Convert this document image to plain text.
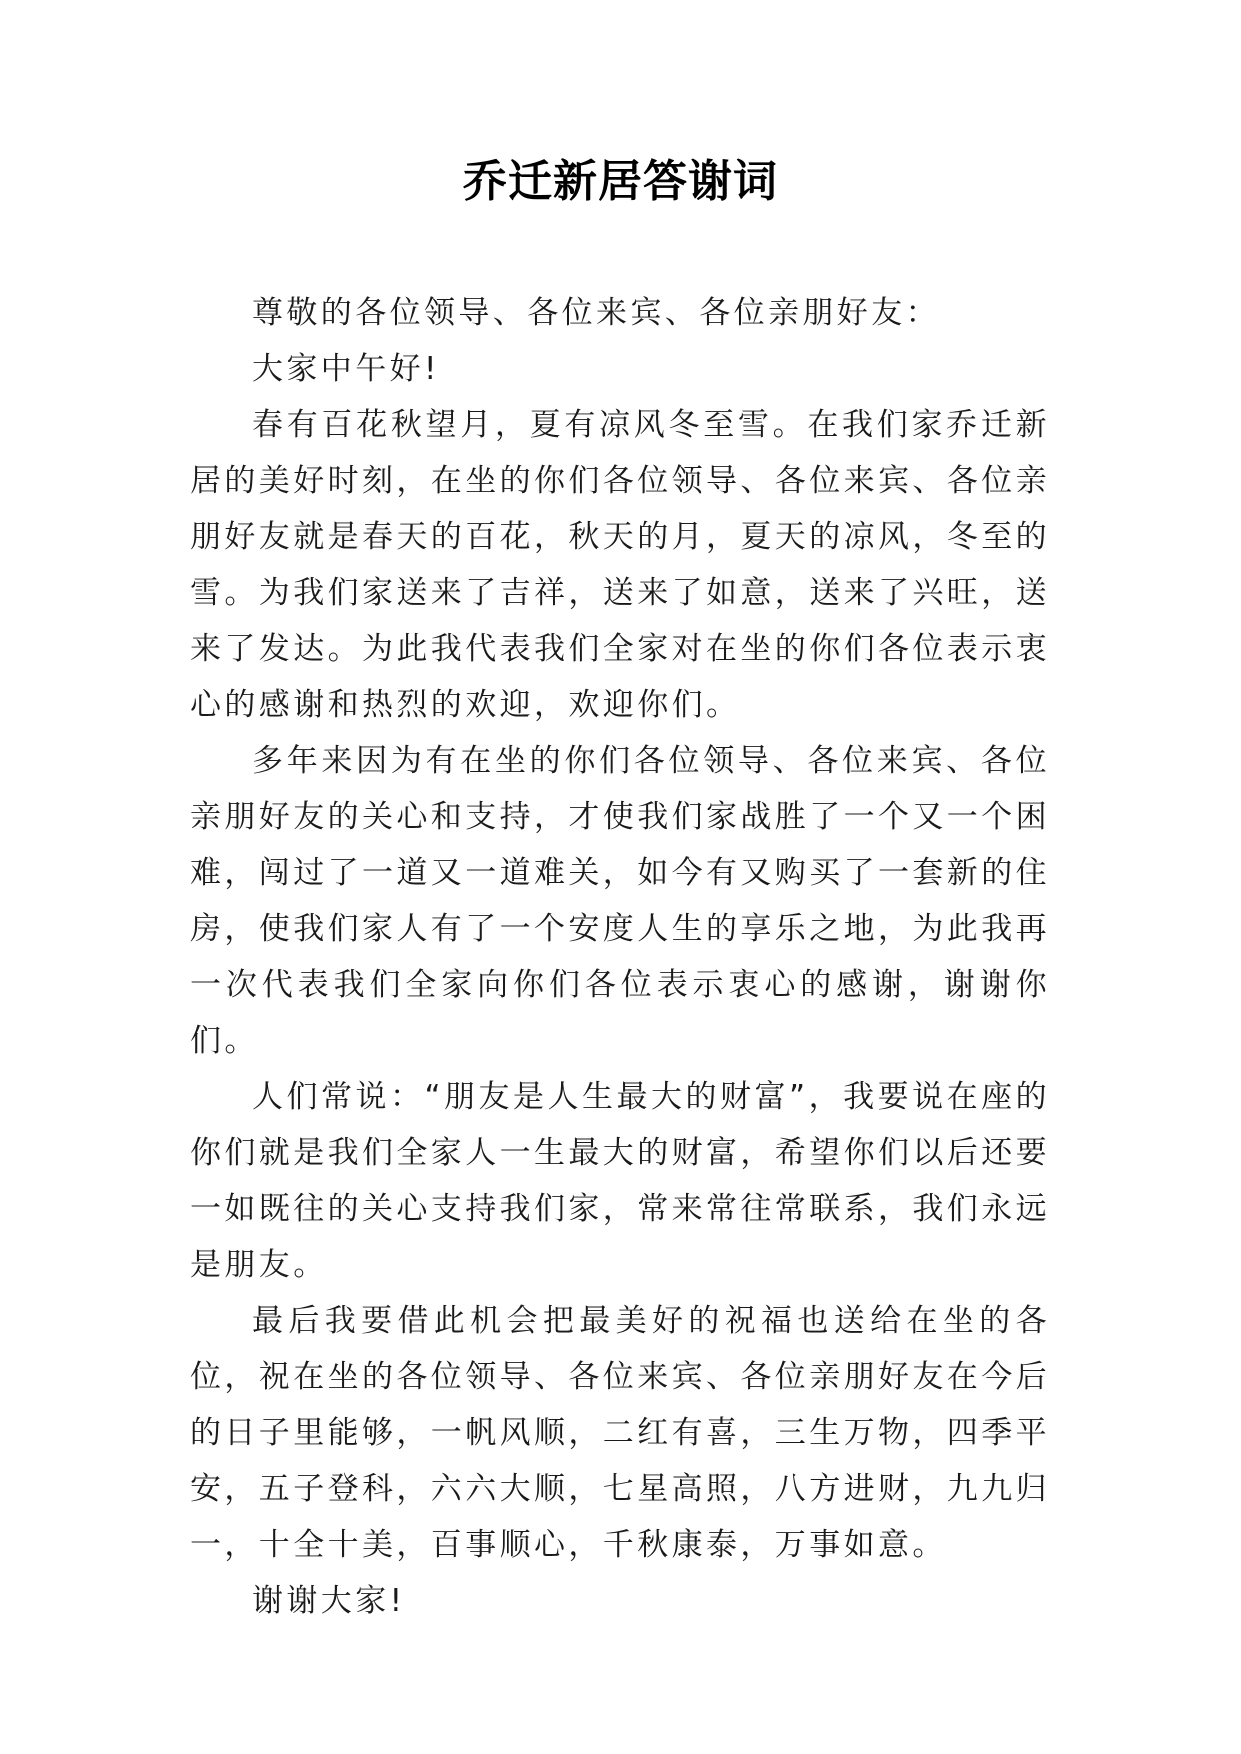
乔迁新居答谢词

尊敬的各位领导、各位来宾、各位亲朋好友：

大家中午好!

春有百花秋望月，夏有凉风冬至雪。在我们家乔迁新居的美好时刻，在坐的你们各位领导、各位来宾、各位亲朋好友就是春天的百花，秋天的月，夏天的凉风，冬至的雪。为我们家送来了吉祥，送来了如意，送来了兴旺，送来了发达。为此我代表我们全家对在坐的你们各位表示衷心的感谢和热烈的欢迎，欢迎你们。

多年来因为有在坐的你们各位领导、各位来宾、各位亲朋好友的关心和支持，才使我们家战胜了一个又一个困难，闯过了一道又一道难关，如今有又购买了一套新的住房，使我们家人有了一个安度人生的享乐之地，为此我再一次代表我们全家向你们各位表示衷心的感谢，谢谢你们。

人们常说：“朋友是人生最大的财富”，我要说在座的你们就是我们全家人一生最大的财富，希望你们以后还要一如既往的关心支持我们家，常来常往常联系，我们永远是朋友。

最后我要借此机会把最美好的祝福也送给在坐的各位，祝在坐的各位领导、各位来宾、各位亲朋好友在今后的日子里能够，一帆风顺，二红有喜，三生万物，四季平安，五子登科，六六大顺，七星高照，八方进财，九九归一，十全十美，百事顺心，千秋康泰，万事如意。

谢谢大家!
